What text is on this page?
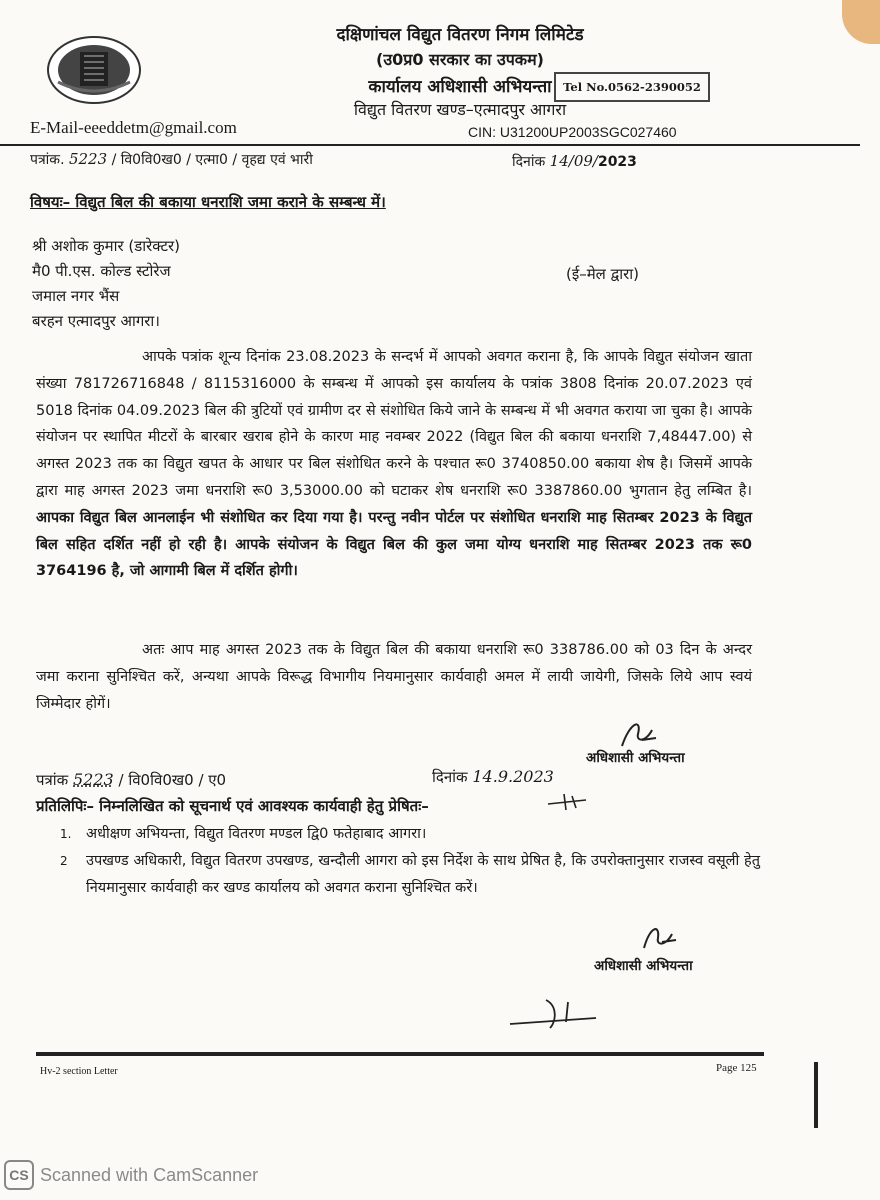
दक्षिणांचल विद्युत वितरण निगम लिमिटेड
(उ0प्र0 सरकार का उपकम)
कार्यालय अधिशासी अभियन्ता
विद्युत वितरण खण्ड–एत्मादपुर आगरा
Tel No.0562-2390052
E-Mail-eeeddetm@gmail.com	CIN: U31200UP2003SGC027460
पत्रांक. 5223 / वि0वि0ख0 / एत्मा0 / वृहद्य एवं भारी	दिनांक 14/09/2023
विषयः– विद्युत बिल की बकाया धनराशि जमा कराने के सम्बन्ध में।
श्री अशोक कुमार (डारेक्टर)
मै0 पी.एस. कोल्ड स्टोरेज
जमाल नगर भैंस
बरहन एत्मादपुर आगरा।
(ई–मेल द्वारा)
आपके पत्रांक शून्य दिनांक 23.08.2023 के सन्दर्भ में आपको अवगत कराना है, कि आपके विद्युत संयोजन खाता संख्या 781726716848 / 8115316000 के सम्बन्ध में आपको इस कार्यालय के पत्रांक 3808 दिनांक 20.07.2023 एवं 5018 दिनांक 04.09.2023 बिल की त्रुटियों एवं ग्रामीण दर से संशोधित किये जाने के सम्बन्ध में भी अवगत कराया जा चुका है। आपके संयोजन पर स्थापित मीटरों के बारबार खराब होने के कारण माह नवम्बर 2022 (विद्युत बिल की बकाया धनराशि 7,48447.00) से अगस्त 2023 तक का विद्युत खपत के आधार पर बिल संशोधित करने के पश्चात रू0 3740850.00 बकाया शेष है। जिसमें आपके द्वारा माह अगस्त 2023 जमा धनराशि रू0 3,53000.00 को घटाकर शेष धनराशि रू0 3387860.00 भुगतान हेतु लम्बित है। आपका विद्युत बिल आनलाईन भी संशोधित कर दिया गया है। परन्तु नवीन पोर्टल पर संशोधित धनराशि माह सितम्बर 2023 के विद्युत बिल सहित दर्शित नहीं हो रही है। आपके संयोजन के विद्युत बिल की कुल जमा योग्य धनराशि माह सितम्बर 2023 तक रू0 3764196 है, जो आगामी बिल में दर्शित होगी।
अतः आप माह अगस्त 2023 तक के विद्युत बिल की बकाया धनराशि रू0 338786.00 को 03 दिन के अन्दर जमा कराना सुनिश्चित करें, अन्यथा आपके विरूद्ध विभागीय नियमानुसार कार्यवाही अमल में लायी जायेगी, जिसके लिये आप स्वयं जिम्मेदार होगें।
अधिशासी अभियन्ता
पत्रांक 5223 / वि0वि0ख0 / ए0	दिनांक 14.9.2023
प्रतिलिपिः– निम्नलिखित को सूचनार्थ एवं आवश्यक कार्यवाही हेतु प्रेषितः–
1.	अधीक्षण अभियन्ता, विद्युत वितरण मण्डल द्वि0 फतेहाबाद आगरा।
2	उपखण्ड अधिकारी, विद्युत वितरण उपखण्ड, खन्दौली आगरा को इस निर्देश के साथ प्रेषित है, कि उपरोक्तानुसार राजस्व वसूली हेतु नियमानुसार कार्यवाही कर खण्ड कार्यालय को अवगत कराना सुनिश्चित करें।
अधिशासी अभियन्ता
Hv-2 section Letter	Page 125
CS Scanned with CamScanner
